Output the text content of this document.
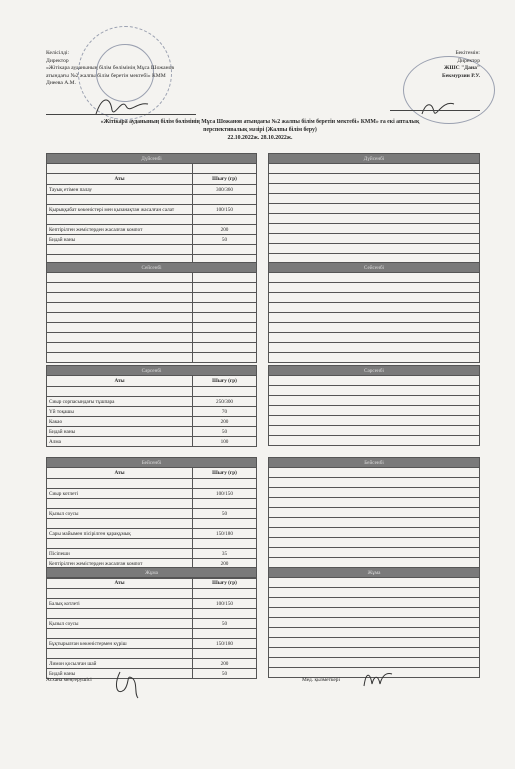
Келісілді:
Директор
«Жітікара ауданының білім бөлімінің Мұса Шожанов
атындағы №2 жалпы білім беретін мектебі» КММ
Днеева А.М.
Бекітемін:
Директор
ЖШС "Дана"
Бекмурзин Р.У.
«Жітікара ауданының білім бөлімінің Мұса Шожанов атындағы №2 жалпы білім беретін мектебі» КММ» ға екі апталық
перспективалық мәзірі (Жалпы білім беру)
22.10.2022ж. 28.10.2022ж.
Дүйсенбі	

Аты	Шығу (гр)
Тауық етімен палау	300/360

Қырыққабат көкөністері мен қызанақтан жасалған салат	100/150

Кептірілген жемістерден жасалған компот	200
Бидай наны	50

Сейсенбі	

Сәрсенбі	
Аты	Шығу (гр)

Сиыр сорпасындағы тұшпара	250/300
Үй тоқашы	70
Какао	200
Бидай наны	50
Алма	100
Бейсенбі	
Аты	Шығу (гр)

Сиыр котлеті	100/150

Қызыл соусы	50

Сары майымен пісірілген қарақұмық	150/180

Пісіпеши	35
Кептірілген жемістерден жасалған компот	200

Жұма	
Аты	Шығу (гр)

Балық котлеті	100/150

Қызыл соусы	50

Бұқтырылған көкөністермен күріш	150/180

Лимон қосылған шай	200
Бидай наны	50
Дүйсенбі

Сейсенбі

Сәрсенбі

Бейсенбі

Жұма

Асхана меңгерушісі	Мед. қызметкері
